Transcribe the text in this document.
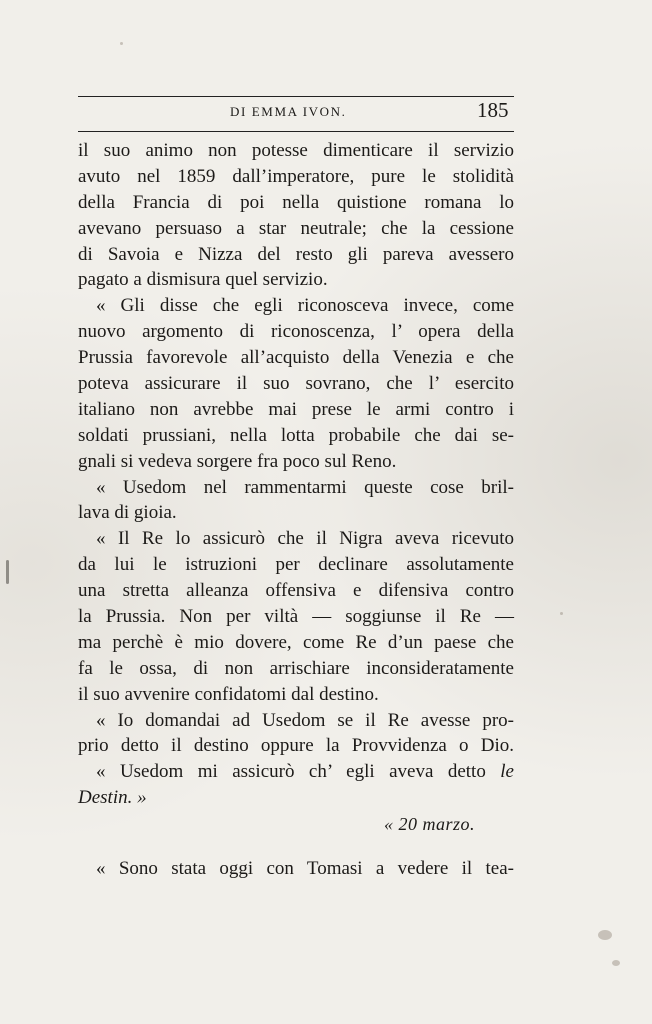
DI EMMA IVON.	185
il suo animo non potesse dimenticare il servizio
avuto nel 1859 dall’imperatore, pure le stolidità
della Francia di poi nella quistione romana lo
avevano persuaso a star neutrale; che la cessione
di Savoia e Nizza del resto gli pareva avessero
pagato a dismisura quel servizio.
« Gli disse che egli riconosceva invece, come
nuovo argomento di riconoscenza, l’ opera della
Prussia favorevole all’acquisto della Venezia e che
poteva assicurare il suo sovrano, che l’ esercito
italiano non avrebbe mai prese le armi contro i
soldati prussiani, nella lotta probabile che dai se-
gnali si vedeva sorgere fra poco sul Reno.
« Usedom nel rammentarmi queste cose bril-
lava di gioia.
« Il Re lo assicurò che il Nigra aveva ricevuto
da lui le istruzioni per declinare assolutamente
una stretta alleanza offensiva e difensiva contro
la Prussia. Non per viltà — soggiunse il Re —
ma perchè è mio dovere, come Re d’un paese che
fa le ossa, di non arrischiare inconsideratamente
il suo avvenire confidatomi dal destino.
« Io domandai ad Usedom se il Re avesse pro-
prio detto il destino oppure la Provvidenza o Dio.
« Usedom mi assicurò ch’ egli aveva detto le
Destin. »
« 20 marzo.
« Sono stata oggi con Tomasi a vedere il tea-
